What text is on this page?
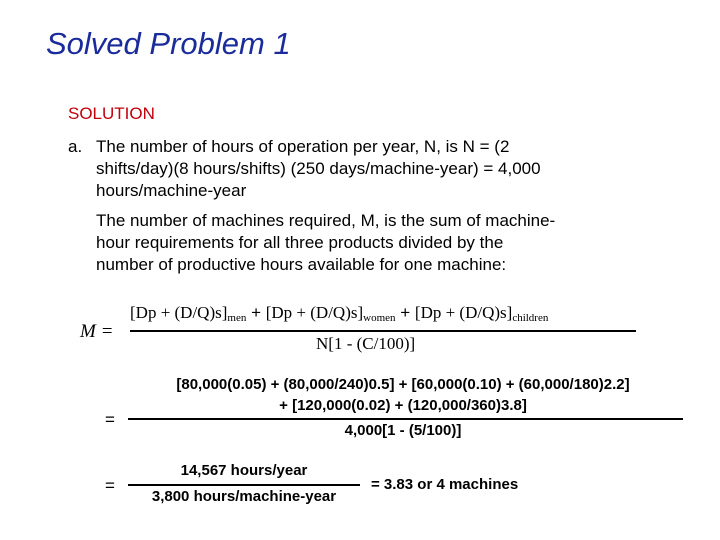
Solved Problem 1
SOLUTION
a. The number of hours of operation per year, N, is N = (2
shifts/day)(8 hours/shifts) (250 days/machine-year) = 4,000
hours/machine-year
The number of machines required, M, is the sum of machine-
hour requirements for all three products divided by the
number of productive hours available for one machine:
M =
$[Dp + (D/Q)s]_{men} + [Dp + (D/Q)s]_{women} + [Dp + (D/Q)s]_{children}$
N[1 - (C/100)]
=
[80,000(0.05) + (80,000/240)0.5] + [60,000(0.10) + (60,000/180)2.2]
+ [120,000(0.02) + (120,000/360)3.8]
4,000[1 - (5/100)]
=
14,567 hours/year
3,800 hours/machine-year
= 3.83 or 4 machines
